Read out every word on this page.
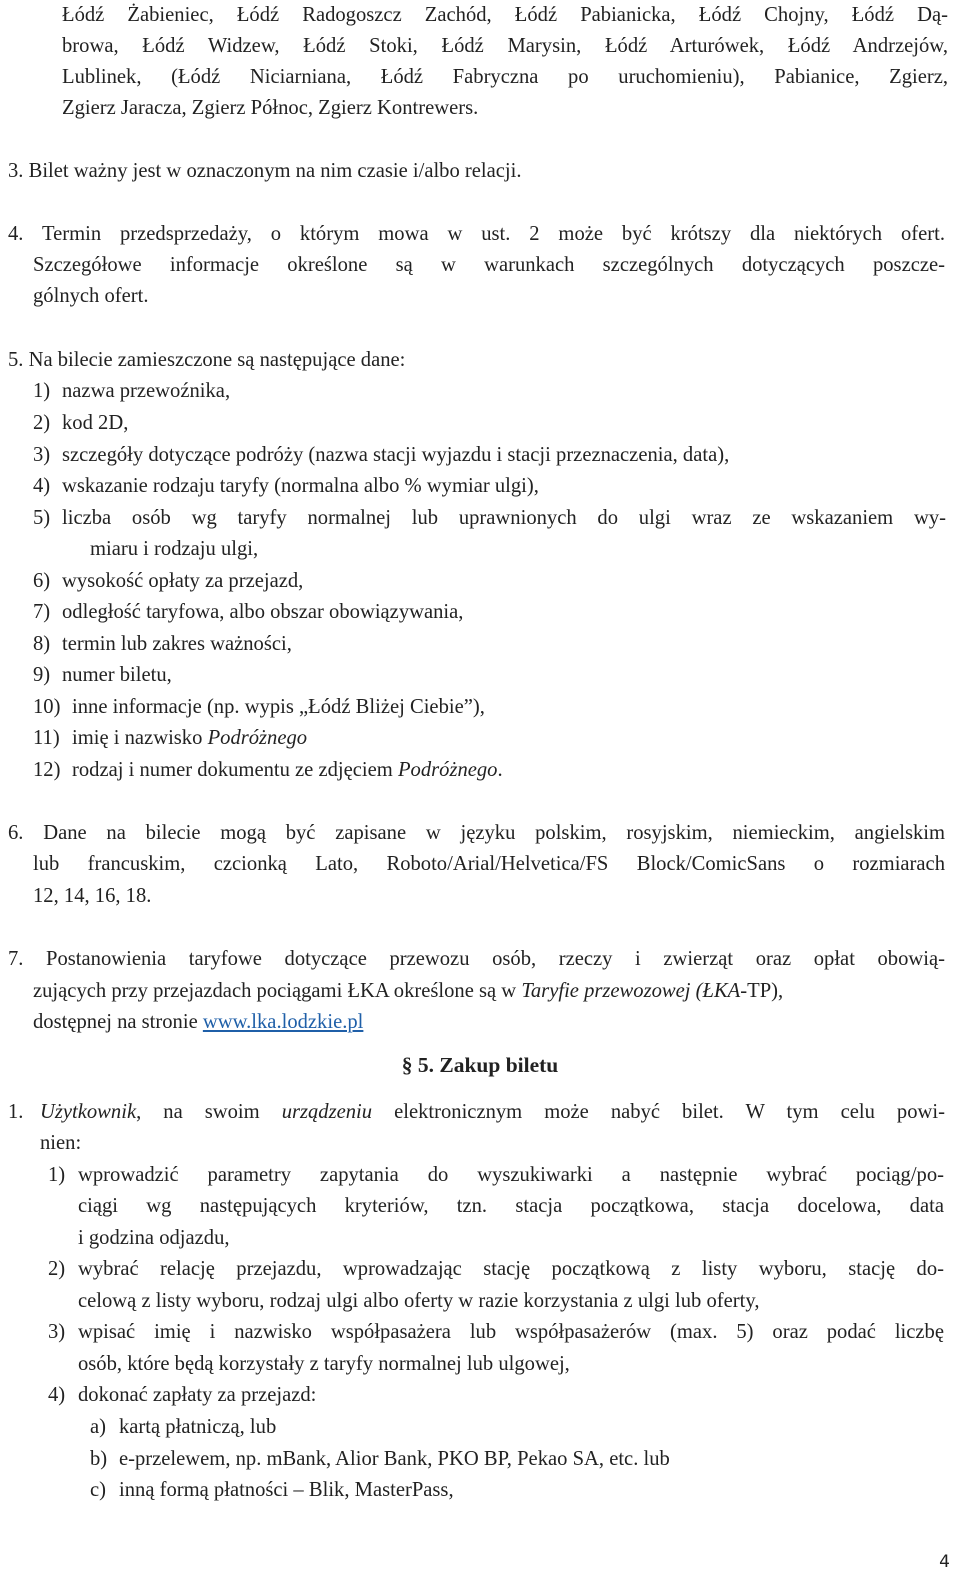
Łódź Żabieniec, Łódź Radogoszcz Zachód, Łódź Pabianicka, Łódź Chojny, Łódź Dą-
browa, Łódź Widzew, Łódź Stoki, Łódź Marysin, Łódź Arturówek, Łódź Andrzejów,
Lublinek, (Łódź Niciarniana, Łódź Fabryczna po uruchomieniu), Pabianice, Zgierz,
Zgierz Jaracza, Zgierz Północ, Zgierz Kontrewers.
3. Bilet ważny jest w oznaczonym na nim czasie i/albo relacji.
4. Termin przedsprzedaży, o którym mowa w ust. 2 może być krótszy dla niektórych ofert.
Szczegółowe informacje określone są w warunkach szczególnych dotyczących poszcze-
gólnych ofert.
5. Na bilecie zamieszczone są następujące dane:
1) nazwa przewoźnika,
2) kod 2D,
3) szczegóły dotyczące podróży (nazwa stacji wyjazdu i stacji przeznaczenia, data),
4) wskazanie rodzaju taryfy (normalna albo % wymiar ulgi),
5) liczba osób wg taryfy normalnej lub uprawnionych do ulgi wraz ze wskazaniem wy-
miaru i rodzaju ulgi,
6) wysokość opłaty za przejazd,
7) odległość taryfowa, albo obszar obowiązywania,
8) termin lub zakres ważności,
9) numer biletu,
10) inne informacje (np. wypis „Łódź Bliżej Ciebie”),
11) imię i nazwisko Podróżnego
12) rodzaj i numer dokumentu ze zdjęciem Podróżnego.
6. Dane na bilecie mogą być zapisane w języku polskim, rosyjskim, niemieckim, angielskim
lub francuskim, czcionką Lato, Roboto/Arial/Helvetica/FS Block/ComicSans o rozmiarach
12, 14, 16, 18.
7. Postanowienia taryfowe dotyczące przewozu osób, rzeczy i zwierząt oraz opłat obowią-
zujących przy przejazdach pociągami ŁKA określone są w Taryfie przewozowej (ŁKA-TP),
dostępnej na stronie www.lka.lodzkie.pl
§ 5. Zakup biletu
1. Użytkownik, na swoim urządzeniu elektronicznym może nabyć bilet. W tym celu powi-
nien:
1) wprowadzić parametry zapytania do wyszukiwarki a następnie wybrać pociąg/po-
ciągi wg następujących kryteriów, tzn. stacja początkowa, stacja docelowa, data
i godzina odjazdu,
2) wybrać relację przejazdu, wprowadzając stację początkową z listy wyboru, stację do-
celową z listy wyboru, rodzaj ulgi albo oferty w razie korzystania z ulgi lub oferty,
3) wpisać imię i nazwisko współpasażera lub współpasażerów (max. 5) oraz podać liczbę
osób, które będą korzystały z taryfy normalnej lub ulgowej,
4) dokonać zapłaty za przejazd:
a) kartą płatniczą, lub
b) e-przelewem, np. mBank, Alior Bank, PKO BP, Pekao SA, etc. lub
c) inną formą płatności – Blik, MasterPass,
4
